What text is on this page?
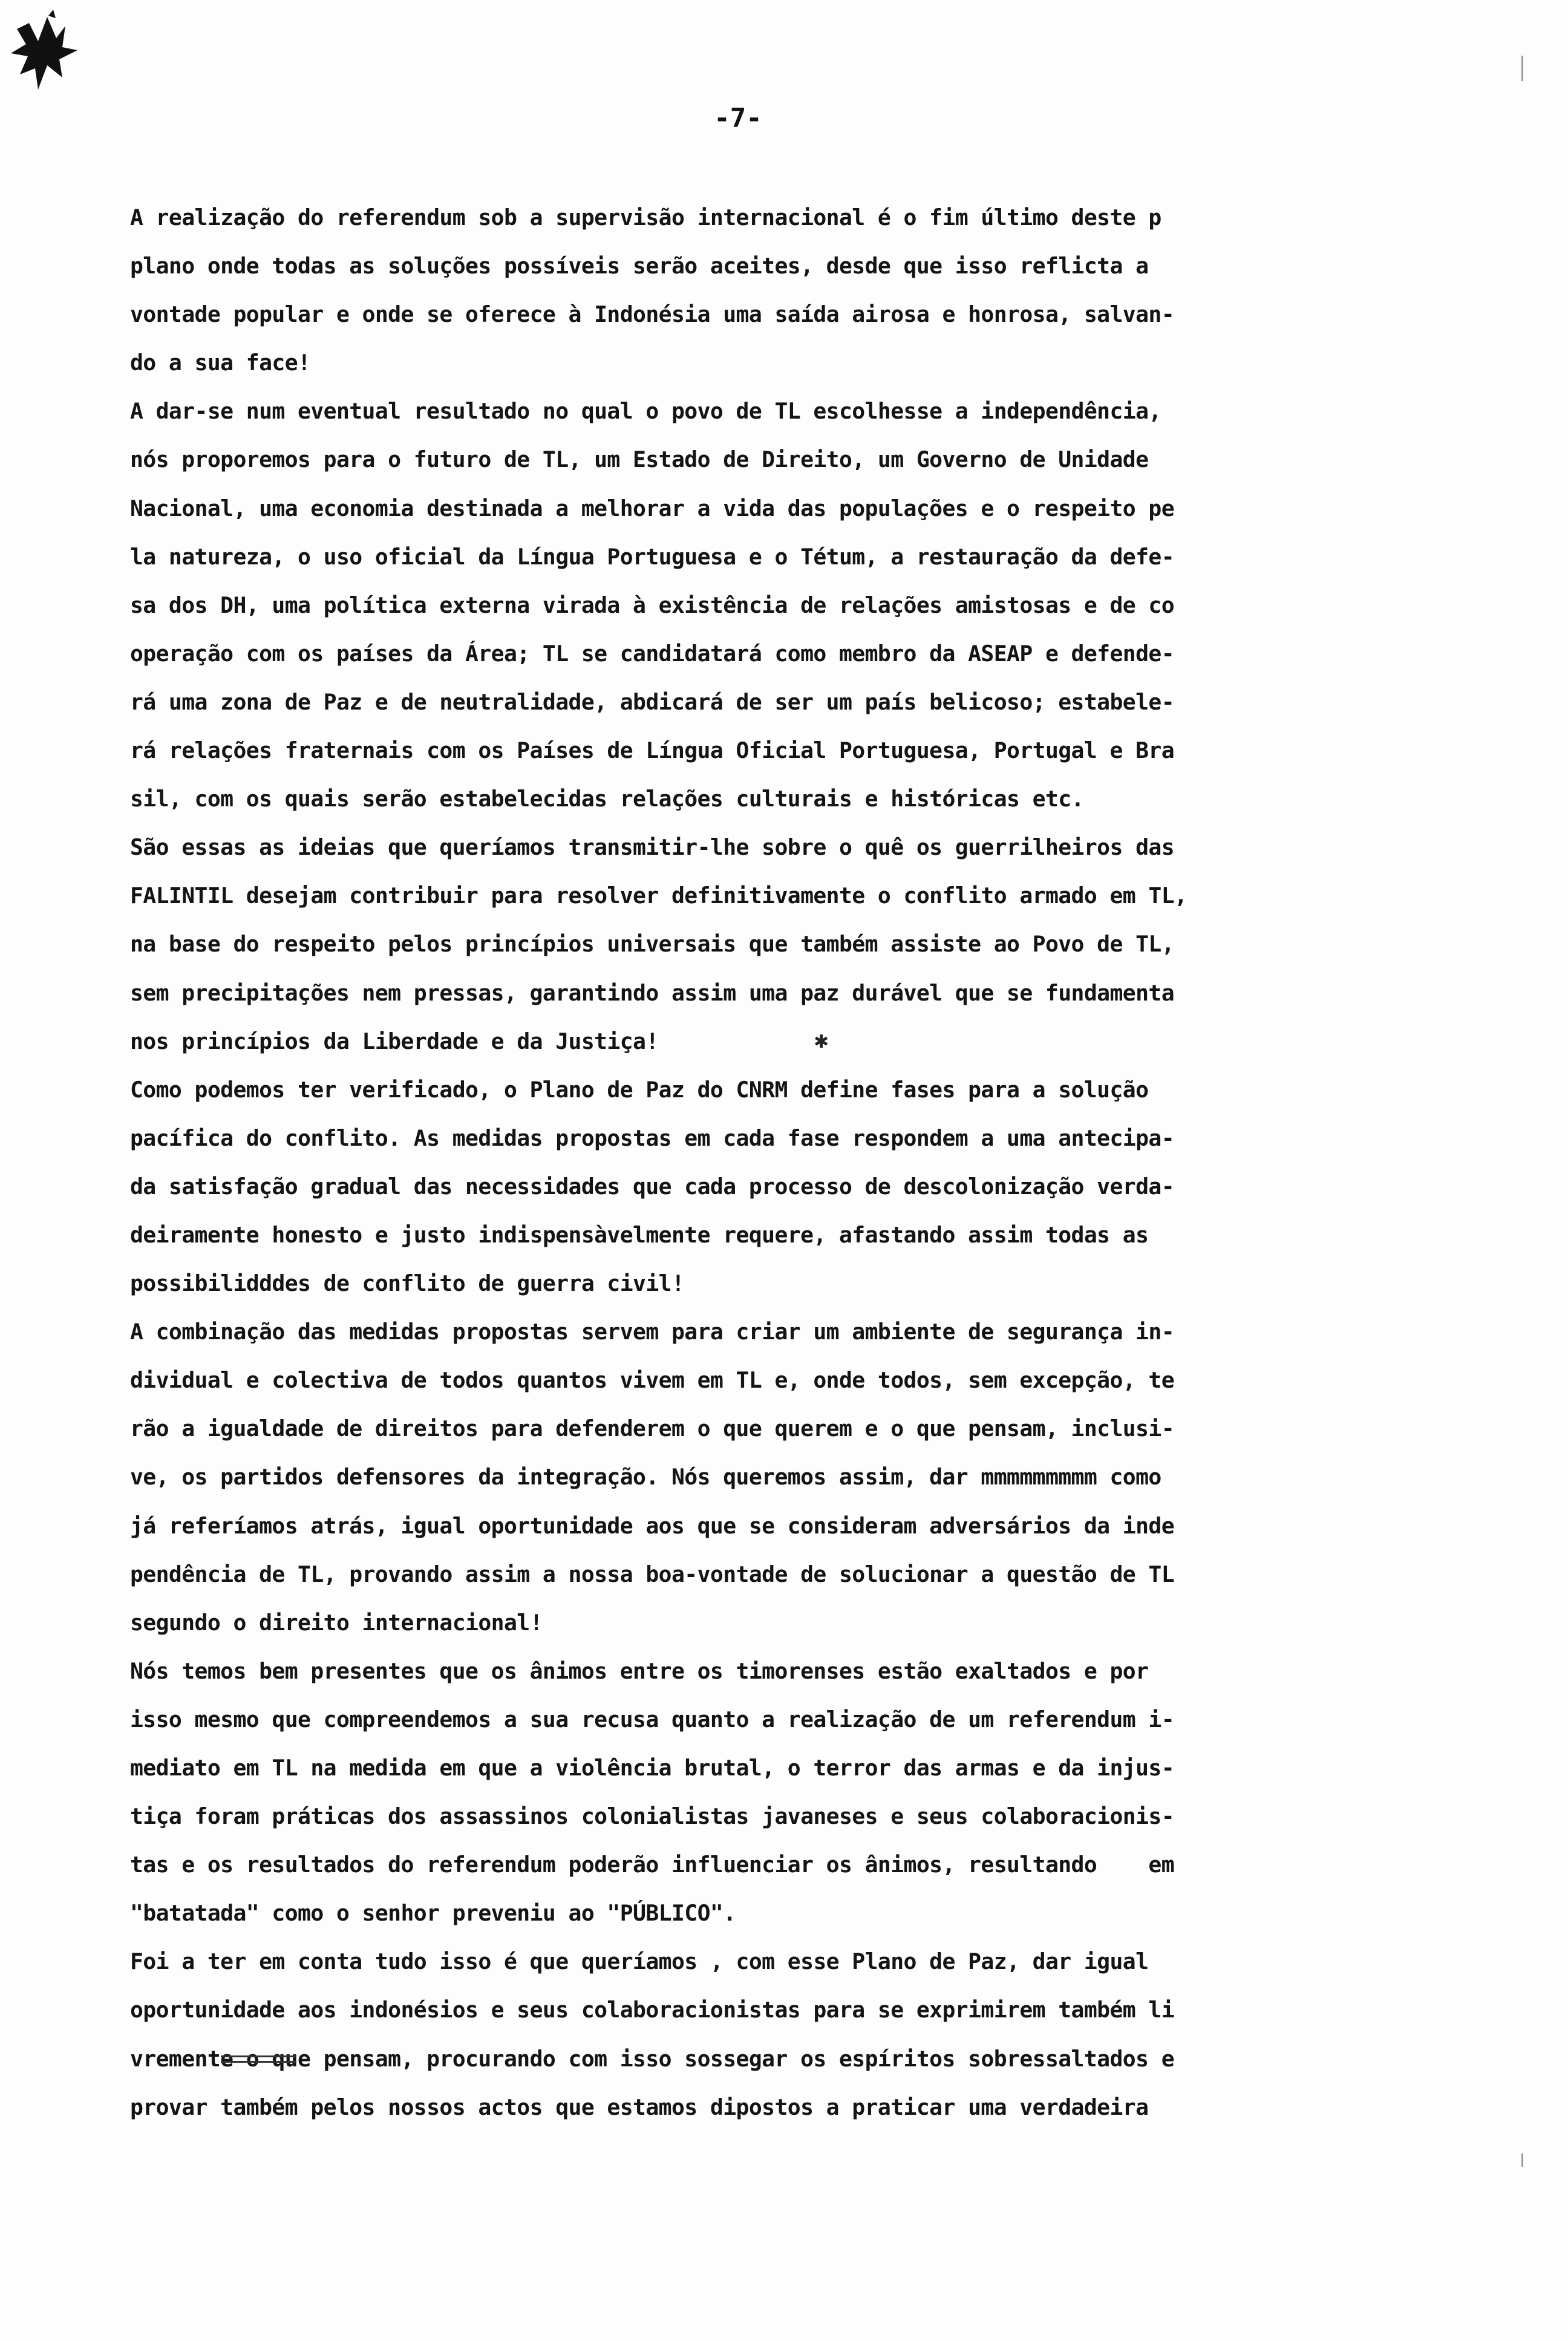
-7-
A realização do referendum sob a supervisão internacional é o fim último deste p
plano onde todas as soluções possíveis serão aceites, desde que isso reflicta a
vontade popular e onde se oferece à Indonésia uma saída airosa e honrosa, salvan-
do a sua face!
A dar-se num eventual resultado no qual o povo de TL escolhesse a independência,
nós proporemos para o futuro de TL, um Estado de Direito, um Governo de Unidade
Nacional, uma economia destinada a melhorar a vida das populações e o respeito pe
la natureza, o uso oficial da Língua Portuguesa e o Tétum, a restauração da defe-
sa dos DH, uma política externa virada à existência de relações amistosas e de co
operação com os países da Área; TL se candidatará como membro da ASEAP e defende-
rá uma zona de Paz e de neutralidade, abdicará de ser um país belicoso; estabele-
rá relações fraternais com os Países de Língua Oficial Portuguesa, Portugal e Bra
sil, com os quais serão estabelecidas relações culturais e históricas etc.
São essas as ideias que queríamos transmitir-lhe sobre o quê os guerrilheiros das
FALINTIL desejam contribuir para resolver definitivamente o conflito armado em TL,
na base do respeito pelos princípios universais que também assiste ao Povo de TL,
sem precipitações nem pressas, garantindo assim uma paz durável que se fundamenta
nos princípios da Liberdade e da Justiça!
Como podemos ter verificado, o Plano de Paz do CNRM define fases para a solução
pacífica do conflito. As medidas propostas em cada fase respondem a uma antecipa-
da satisfação gradual das necessidades que cada processo de descolonização verda-
deiramente honesto e justo indispensàvelmente requere, afastando assim todas as
possibilidddes de conflito de guerra civil!
A combinação das medidas propostas servem para criar um ambiente de segurança in-
dividual e colectiva de todos quantos vivem em TL e, onde todos, sem excepção, te
rão a igualdade de direitos para defenderem o que querem e o que pensam, inclusi-
ve, os partidos defensores da integração. Nós queremos assim, dar mmmmmmmmm como
já referíamos atrás, igual oportunidade aos que se consideram adversários da inde
pendência de TL, provando assim a nossa boa-vontade de solucionar a questão de TL
segundo o direito internacional!
Nós temos bem presentes que os ânimos entre os timorenses estão exaltados e por
isso mesmo que compreendemos a sua recusa quanto a realização de um referendum i-
mediato em TL na medida em que a violência brutal, o terror das armas e da injus-
tiça foram práticas dos assassinos colonialistas javaneses e seus colaboracionis-
tas e os resultados do referendum poderão influenciar os ânimos, resultando    em
"batatada" como o senhor preveniu ao "PÚBLICO".
Foi a ter em conta tudo isso é que queríamos , com esse Plano de Paz, dar igual
oportunidade aos indonésios e seus colaboracionistas para se exprimirem também li
vremente o que pensam, procurando com isso sossegar os espíritos sobressaltados e
provar também pelos nossos actos que estamos dipostos a praticar uma verdadeira
✱
